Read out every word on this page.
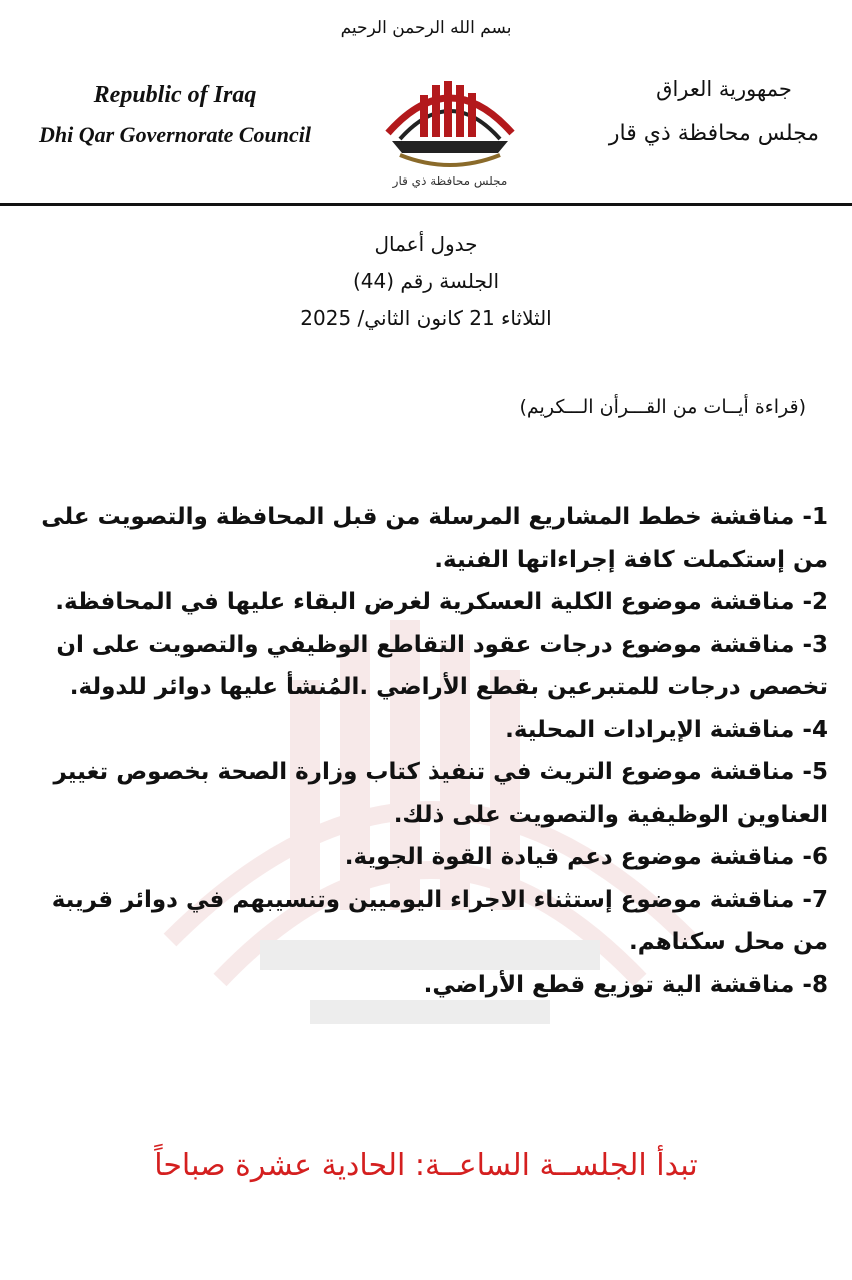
بسم الله الرحمن الرحيم
Republic of Iraq
Dhi Qar Governorate Council
مجلس محافظة ذي قار
جمهورية العراق
مجلس محافظة ذي قار
جدول أعمال
الجلسة رقم (44)
الثلاثاء 21 كانون الثاني/ 2025
(قراءة أيــات من القـــرأن الـــكريم)

1- مناقشة خطط المشاريع المرسلة من قبل المحافظة والتصويت على من إستكملت كافة إجراءاتها الفنية.

2- مناقشة موضوع الكلية العسكرية لغرض البقاء عليها في المحافظة.

3- مناقشة موضوع درجات عقود التقاطع الوظيفي والتصويت على ان تخصص درجات للمتبرعين بقطع الأراضي .المُنشأ عليها دوائر للدولة.

4- مناقشة الإيرادات المحلية.

5- مناقشة موضوع التريث في تنفيذ كتاب وزارة الصحة بخصوص تغيير العناوين الوظيفية والتصويت على ذلك.

6- مناقشة موضوع دعم قيادة القوة الجوية.

7- مناقشة موضوع إستثناء الاجراء اليوميين وتنسيبهم في دوائر قريبة من محل سكناهم.

8- مناقشة الية توزيع قطع الأراضي.

تبدأ الجلســة الساعــة: الحادية عشرة صباحاً
